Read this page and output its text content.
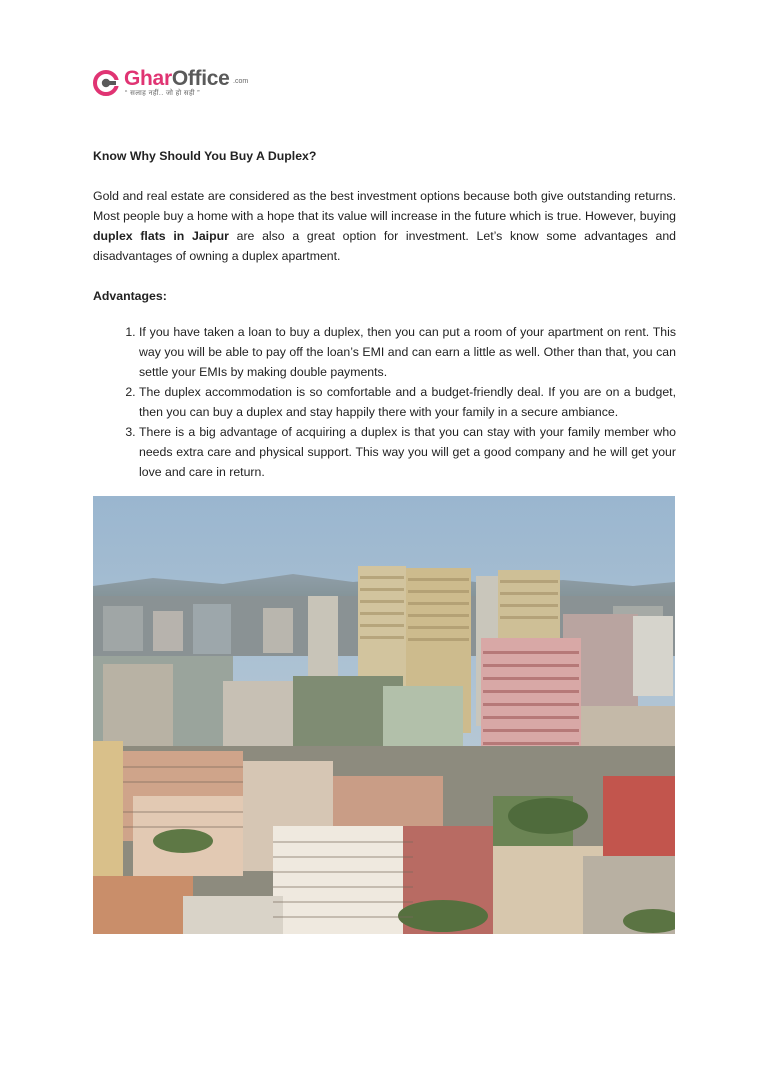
GharOffice .com
“ सलाह नहीं.. जो हो सही ”

Know Why Should You Buy A Duplex?

Gold and real estate are considered as the best investment options because both give outstanding returns. Most people buy a home with a hope that its value will increase in the future which is true. However, buying duplex flats in Jaipur are also a great option for investment. Let’s know some advantages and disadvantages of owning a duplex apartment.

Advantages:

1. If you have taken a loan to buy a duplex, then you can put a room of your apartment on rent. This way you will be able to pay off the loan’s EMI and can earn a little as well. Other than that, you can settle your EMIs by making double payments.
2. The duplex accommodation is so comfortable and a budget-friendly deal. If you are on a budget, then you can buy a duplex and stay happily there with your family in a secure ambiance.
3. There is a big advantage of acquiring a duplex is that you can stay with your family member who needs extra care and physical support. This way you will get a good company and he will get your love and care in return.
